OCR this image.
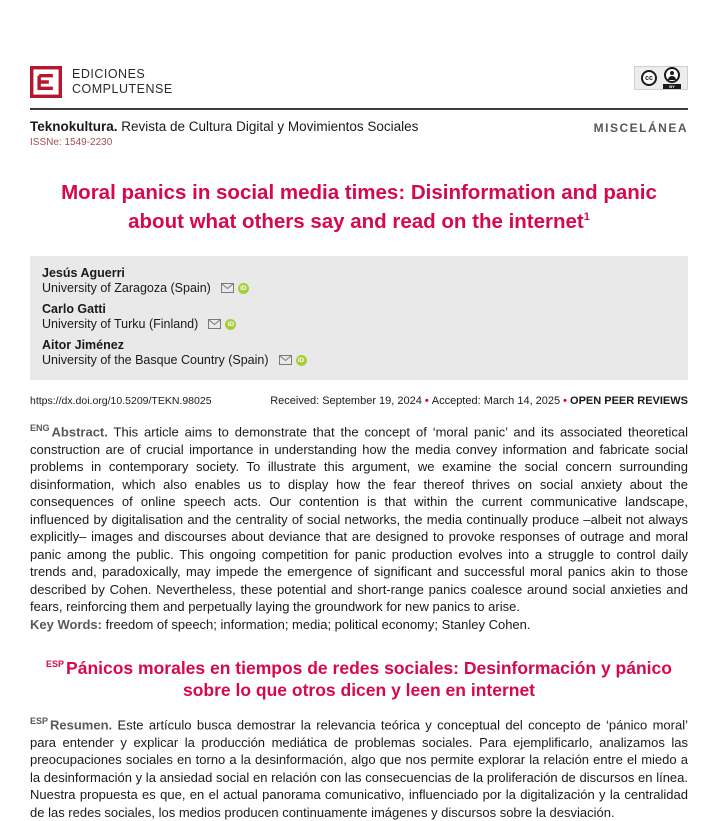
EDICIONES
COMPLUTENSE
cc
BY
Teknokultura. Revista de Cultura Digital y Movimientos Sociales
ISSNe: 1549-2230
MISCELÁNEA
Moral panics in social media times: Disinformation and panic about what others say and read on the internet$^1$
Jesús Aguerri
University of Zaragoza (Spain)	iD
Carlo Gatti
University of Turku (Finland)	iD
Aitor Jiménez
University of the Basque Country (Spain)	iD
https://dx.doi.org/10.5209/TEKN.98025	Received: September 19, 2024 • Accepted: March 14, 2025 • OPEN PEER REVIEWS

$^{ENG}$ Abstract. This article aims to demonstrate that the concept of ‘moral panic’ and its associated theoretical construction are of crucial importance in understanding how the media convey information and fabricate social problems in contemporary society. To illustrate this argument, we examine the social concern surrounding disinformation, which also enables us to display how the fear thereof thrives on social anxiety about the consequences of online speech acts. Our contention is that within the current communicative landscape, influenced by digitalisation and the centrality of social networks, the media continually produce –albeit not always explicitly– images and discourses about deviance that are designed to provoke responses of outrage and moral panic among the public. This ongoing competition for panic production evolves into a struggle to control daily trends and, paradoxically, may impede the emergence of significant and successful moral panics akin to those described by Cohen. Nevertheless, these potential and short-range panics coalesce around social anxieties and fears, reinforcing them and perpetually laying the groundwork for new panics to arise.

Key Words: freedom of speech; information; media; political economy; Stanley Cohen.

$^{ESP}$ Pánicos morales en tiempos de redes sociales: Desinformación y pánico sobre lo que otros dicen y leen en internet

$^{ESP}$ Resumen. Este artículo busca demostrar la relevancia teórica y conceptual del concepto de ‘pánico moral’ para entender y explicar la producción mediática de problemas sociales. Para ejemplificarlo, analizamos las preocupaciones sociales en torno a la desinformación, algo que nos permite explorar la relación entre el miedo a la desinformación y la ansiedad social en relación con las consecuencias de la proliferación de discursos en línea. Nuestra propuesta es que, en el actual panorama comunicativo, influenciado por la digitalización y la centralidad de las redes sociales, los medios producen continuamente imágenes y discursos sobre la desviación.
